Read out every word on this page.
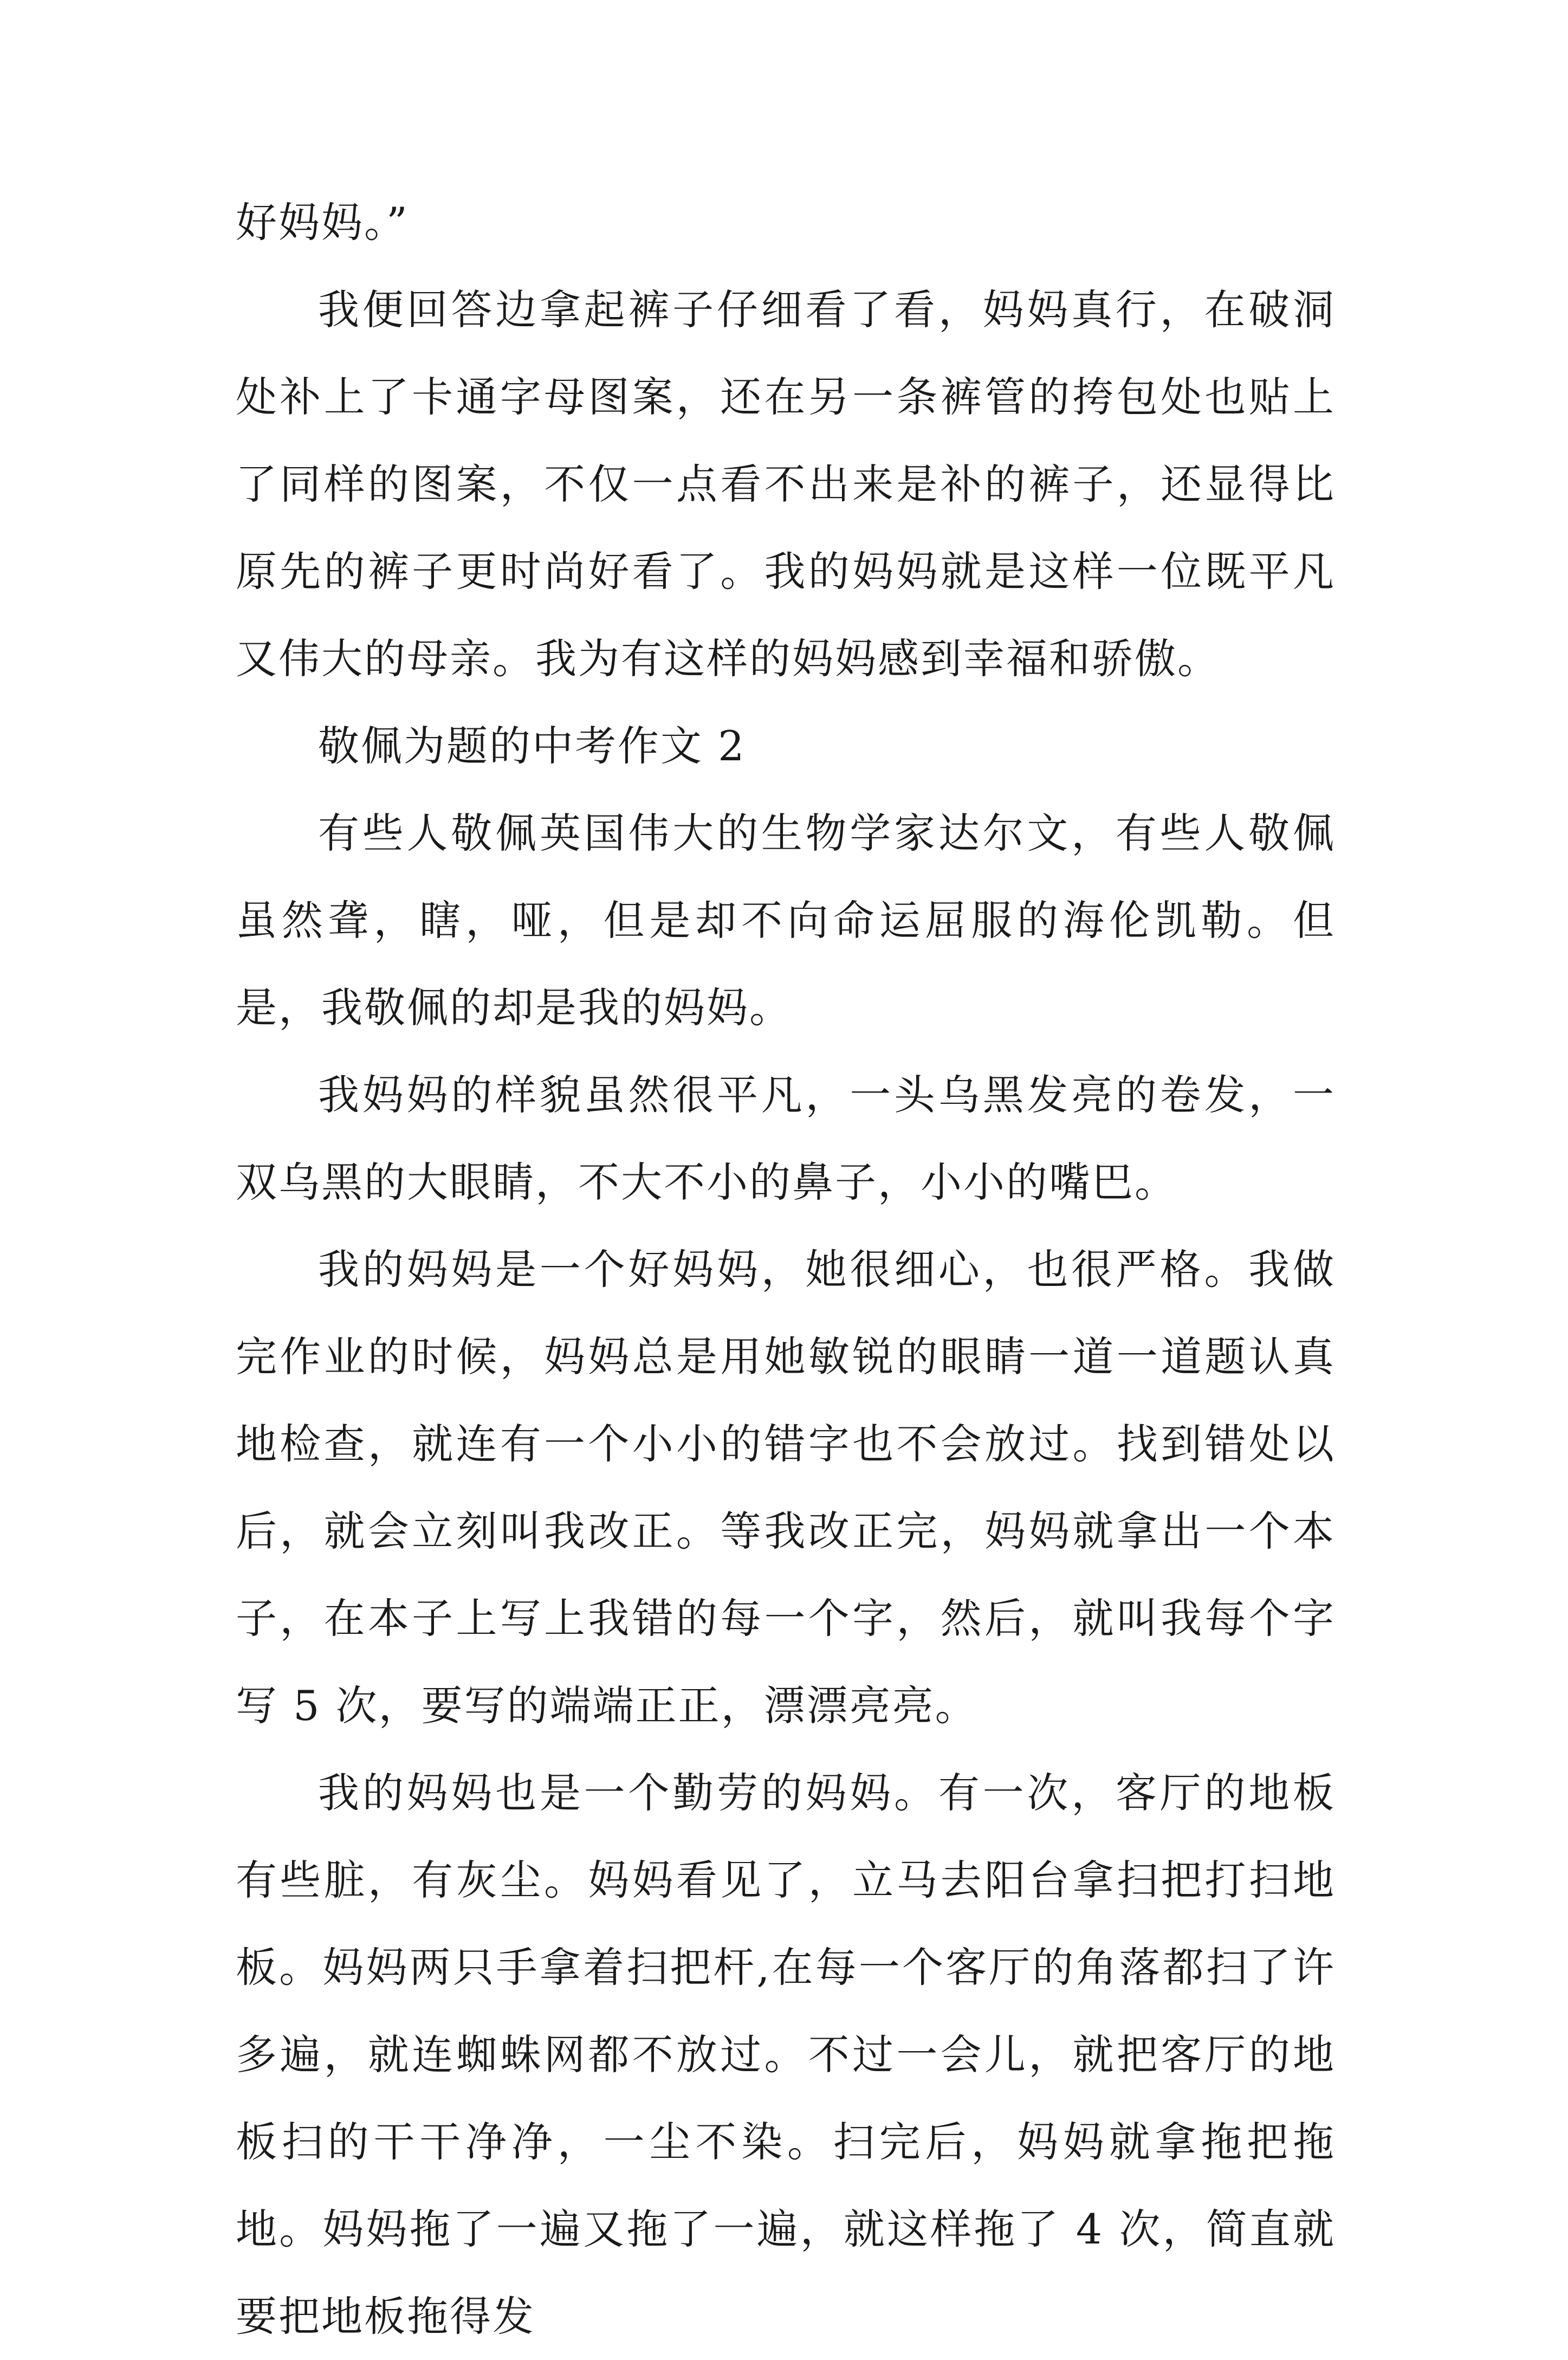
好妈妈。”

我便回答边拿起裤子仔细看了看，妈妈真行，在破洞处补上了卡通字母图案，还在另一条裤管的挎包处也贴上了同样的图案，不仅一点看不出来是补的裤子，还显得比原先的裤子更时尚好看了。我的妈妈就是这样一位既平凡又伟大的母亲。我为有这样的妈妈感到幸福和骄傲。

敬佩为题的中考作文 2

有些人敬佩英国伟大的生物学家达尔文，有些人敬佩虽然聋，瞎，哑，但是却不向命运屈服的海伦凯勒。但是，我敬佩的却是我的妈妈。

我妈妈的样貌虽然很平凡，一头乌黑发亮的卷发，一双乌黑的大眼睛，不大不小的鼻子，小小的嘴巴。

我的妈妈是一个好妈妈，她很细心，也很严格。我做完作业的时候，妈妈总是用她敏锐的眼睛一道一道题认真地检查，就连有一个小小的错字也不会放过。找到错处以后，就会立刻叫我改正。等我改正完，妈妈就拿出一个本子，在本子上写上我错的每一个字，然后，就叫我每个字写 5 次，要写的端端正正，漂漂亮亮。

我的妈妈也是一个勤劳的妈妈。有一次，客厅的地板有些脏，有灰尘。妈妈看见了，立马去阳台拿扫把打扫地板。妈妈两只手拿着扫把杆,在每一个客厅的角落都扫了许多遍，就连蜘蛛网都不放过。不过一会儿，就把客厅的地板扫的干干净净，一尘不染。扫完后，妈妈就拿拖把拖地。妈妈拖了一遍又拖了一遍，就这样拖了 4 次，简直就要把地板拖得发
